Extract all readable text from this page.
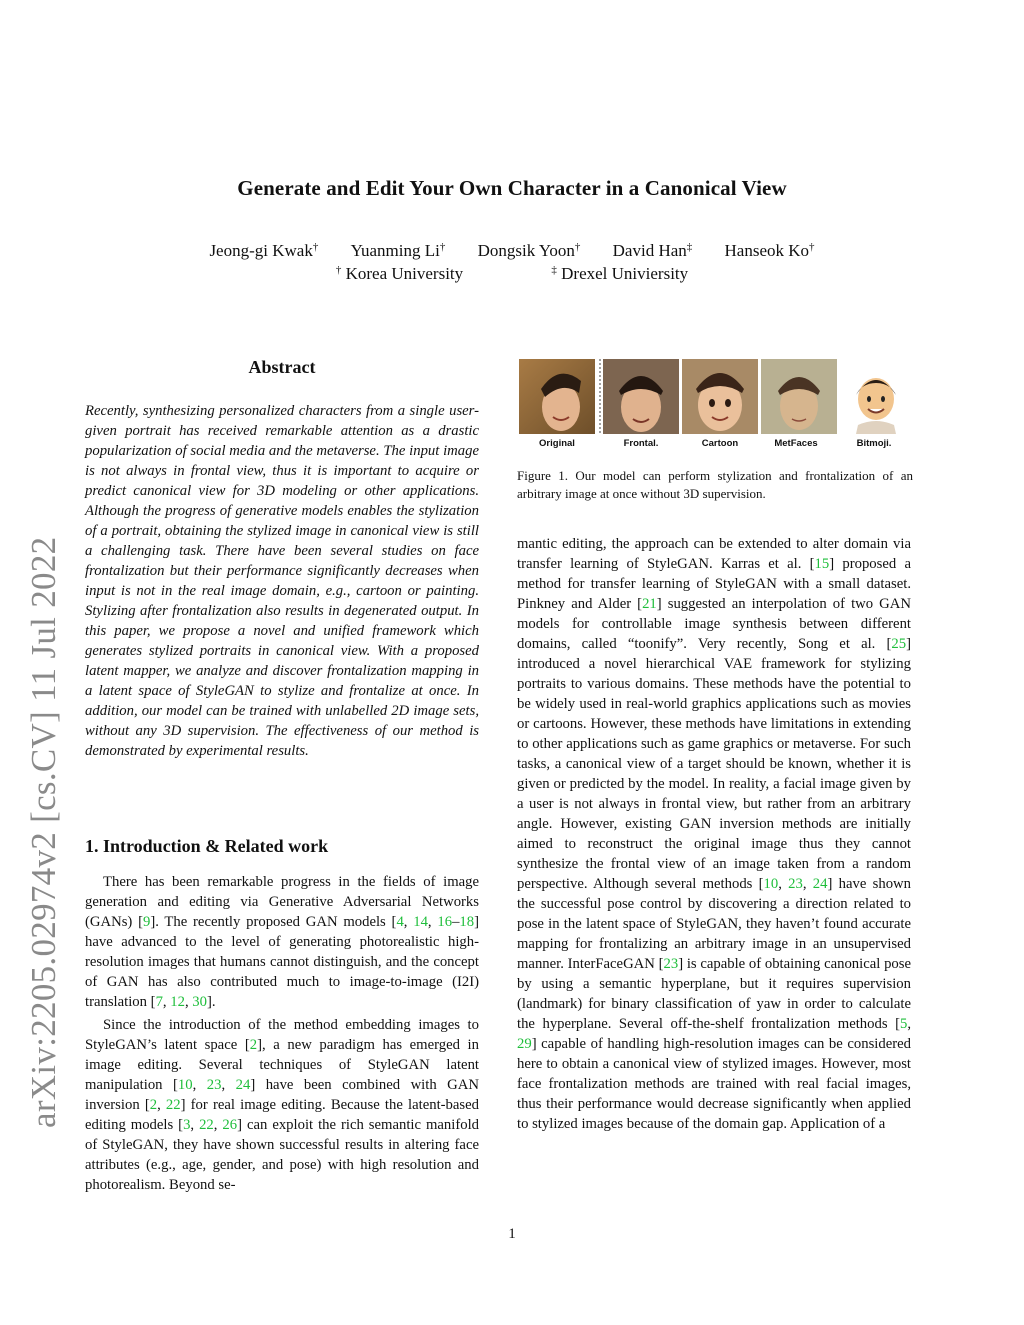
Generate and Edit Your Own Character in a Canonical View
Jeong-gi Kwak† Yuanming Li† Dongsik Yoon† David Han‡ Hanseok Ko†
† Korea University	‡ Drexel Univiersity
arXiv:2205.02974v2 [cs.CV] 11 Jul 2022
Abstract

Recently, synthesizing personalized characters from a single user-given portrait has received remarkable attention as a drastic popularization of social media and the metaverse. The input image is not always in frontal view, thus it is important to acquire or predict canonical view for 3D modeling or other applications. Although the progress of generative models enables the stylization of a portrait, obtaining the stylized image in canonical view is still a challenging task. There have been several studies on face frontalization but their performance significantly decreases when input is not in the real image domain, e.g., cartoon or painting. Stylizing after frontalization also results in degenerated output. In this paper, we propose a novel and unified framework which generates stylized portraits in canonical view. With a proposed latent mapper, we analyze and discover frontalization mapping in a latent space of StyleGAN to stylize and frontalize at once. In addition, our model can be trained with unlabelled 2D image sets, without any 3D supervision. The effectiveness of our method is demonstrated by experimental results.

1. Introduction & Related work

There has been remarkable progress in the fields of image generation and editing via Generative Adversarial Networks (GANs) [9]. The recently proposed GAN models [4, 14, 16–18] have advanced to the level of generating photorealistic high-resolution images that humans cannot distinguish, and the concept of GAN has also contributed much to image-to-image (I2I) translation [7, 12, 30].

Since the introduction of the method embedding images to StyleGAN’s latent space [2], a new paradigm has emerged in image editing. Several techniques of StyleGAN latent manipulation [10, 23, 24] have been combined with GAN inversion [2, 22] for real image editing. Because the latent-based editing models [3, 22, 26] can exploit the rich semantic manifold of StyleGAN, they have shown successful results in altering face attributes (e.g., age, gender, and pose) with high resolution and photorealism. Beyond se-

mantic editing, the approach can be extended to alter domain via transfer learning of StyleGAN. Karras et al. [15] proposed a method for transfer learning of StyleGAN with a small dataset. Pinkney and Alder [21] suggested an interpolation of two GAN models for controllable image synthesis between different domains, called “toonify”. Very recently, Song et al. [25] introduced a novel hierarchical VAE framework for stylizing portraits to various domains. These methods have the potential to be widely used in real-world graphics applications such as movies or cartoons. However, these methods have limitations in extending to other applications such as game graphics or metaverse. For such tasks, a canonical view of a target should be known, whether it is given or predicted by the model. In reality, a facial image given by a user is not always in frontal view, but rather from an arbitrary angle. However, existing GAN inversion methods are initially aimed to reconstruct the original image thus they cannot synthesize the frontal view of an image taken from a random perspective. Although several methods [10, 23, 24] have shown the successful pose control by discovering a direction related to pose in the latent space of StyleGAN, they haven’t found accurate mapping for frontalizing an arbitrary image in an unsupervised manner. InterFaceGAN [23] is capable of obtaining canonical pose by using a semantic hyperplane, but it requires supervision (landmark) for binary classification of yaw in order to calculate the hyperplane. Several off-the-shelf frontalization methods [5, 29] capable of handling high-resolution images can be considered here to obtain a canonical view of stylized images. However, most face frontalization methods are trained with real facial images, thus their performance would decrease significantly when applied to stylized images because of the domain gap. Application of a

Original	Frontal.	Cartoon	MetFaces	Bitmoji.
Figure 1. Our model can perform stylization and frontalization of an arbitrary image at once without 3D supervision.
1
